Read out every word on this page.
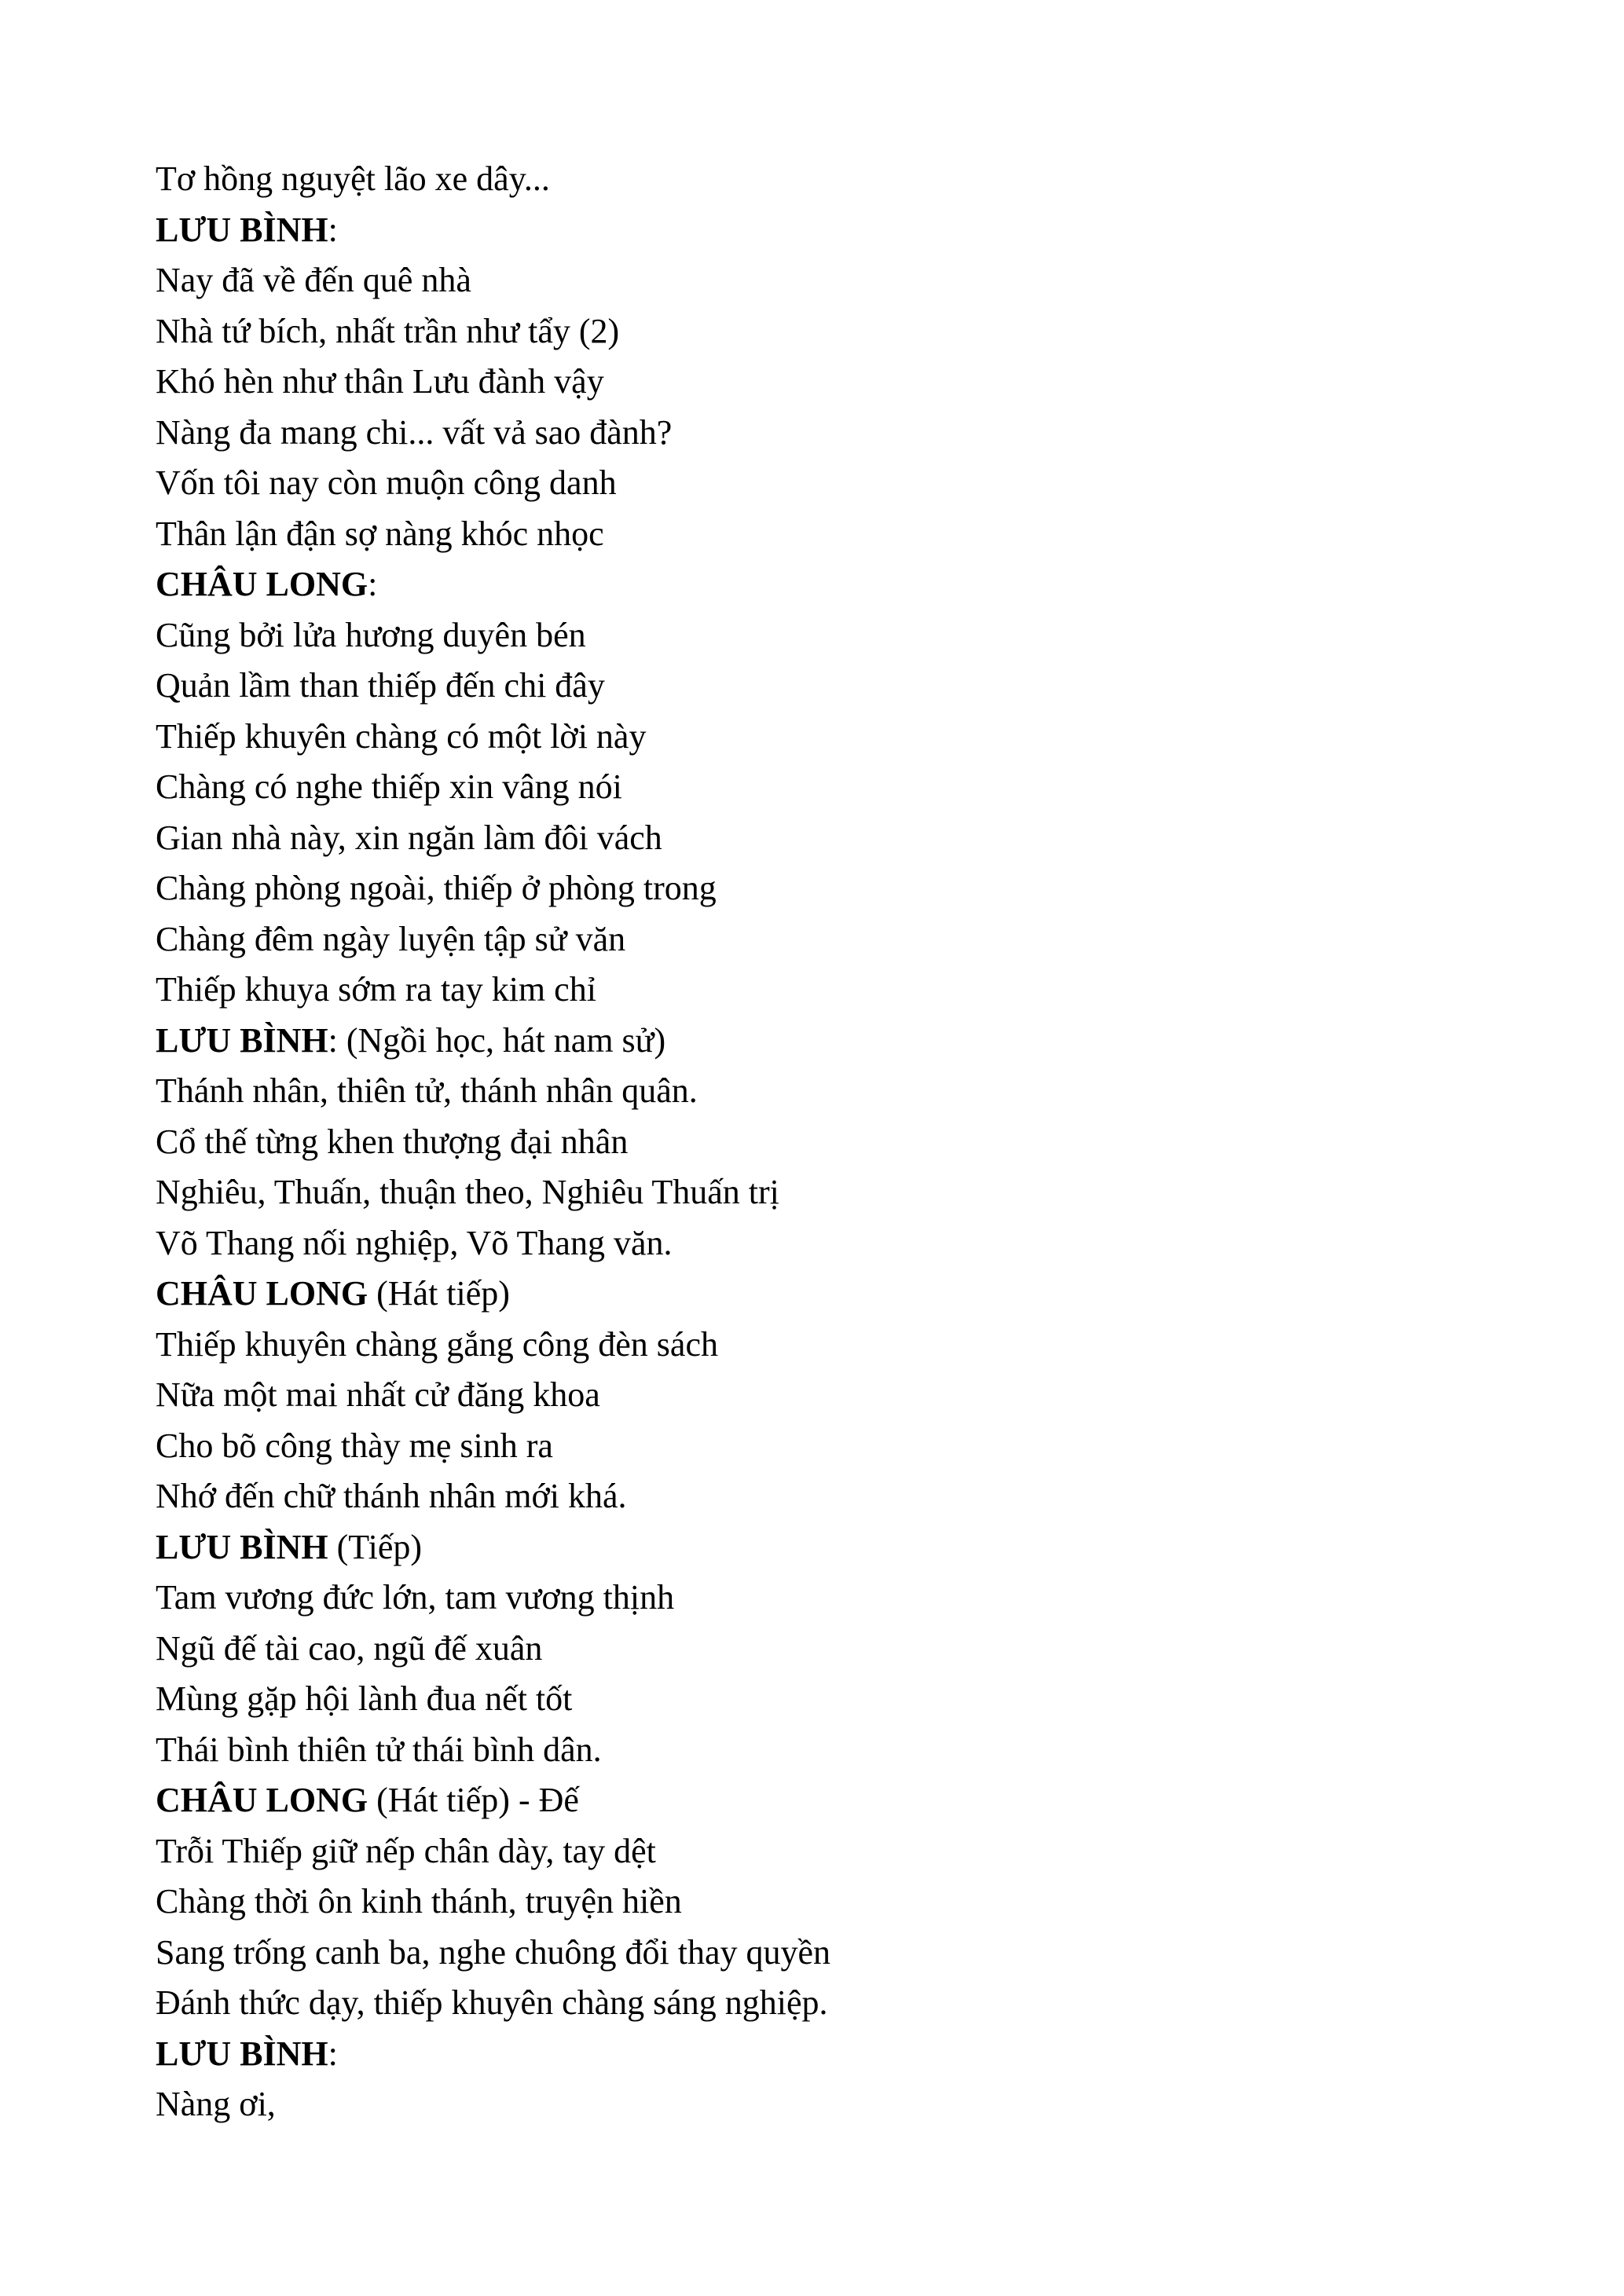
Tơ hồng nguyệt lão xe dây...
LƯU BÌNH:
Nay đã về đến quê nhà
Nhà tứ bích, nhất trần như tẩy (2)
Khó hèn như thân Lưu đành vậy
Nàng đa mang chi... vất vả sao đành?
Vốn tôi nay còn muộn công danh
Thân lận đận sợ nàng khóc nhọc
CHÂU LONG:
Cũng bởi lửa hương duyên bén
Quản lầm than thiếp đến chi đây
Thiếp khuyên chàng có một lời này
Chàng có nghe thiếp xin vâng nói
Gian nhà này, xin ngăn làm đôi vách
Chàng phòng ngoài, thiếp ở phòng trong
Chàng đêm ngày luyện tập sử văn
Thiếp khuya sớm ra tay kim chỉ
LƯU BÌNH: (Ngồi học, hát nam sử)
Thánh nhân, thiên tử, thánh nhân quân.
Cổ thế từng khen thượng đại nhân
Nghiêu, Thuấn, thuận theo, Nghiêu Thuấn trị
Võ Thang nối nghiệp, Võ Thang văn.
CHÂU LONG (Hát tiếp)
Thiếp khuyên chàng gắng công đèn sách
Nữa một mai nhất cử đăng khoa
Cho bõ công thày mẹ sinh ra
Nhớ đến chữ thánh nhân mới khá.
LƯU BÌNH (Tiếp)
Tam vương đức lớn, tam vương thịnh
Ngũ đế tài cao, ngũ đế xuân
Mùng gặp hội lành đua nết tốt
Thái bình thiên tử thái bình dân.
CHÂU LONG (Hát tiếp) - Đế
Trỗi Thiếp giữ nếp chân dày, tay dệt
Chàng thời ôn kinh thánh, truyện hiền
Sang trống canh ba, nghe chuông đổi thay quyền
Đánh thức dạy, thiếp khuyên chàng sáng nghiệp.
LƯU BÌNH:
Nàng ơi,
